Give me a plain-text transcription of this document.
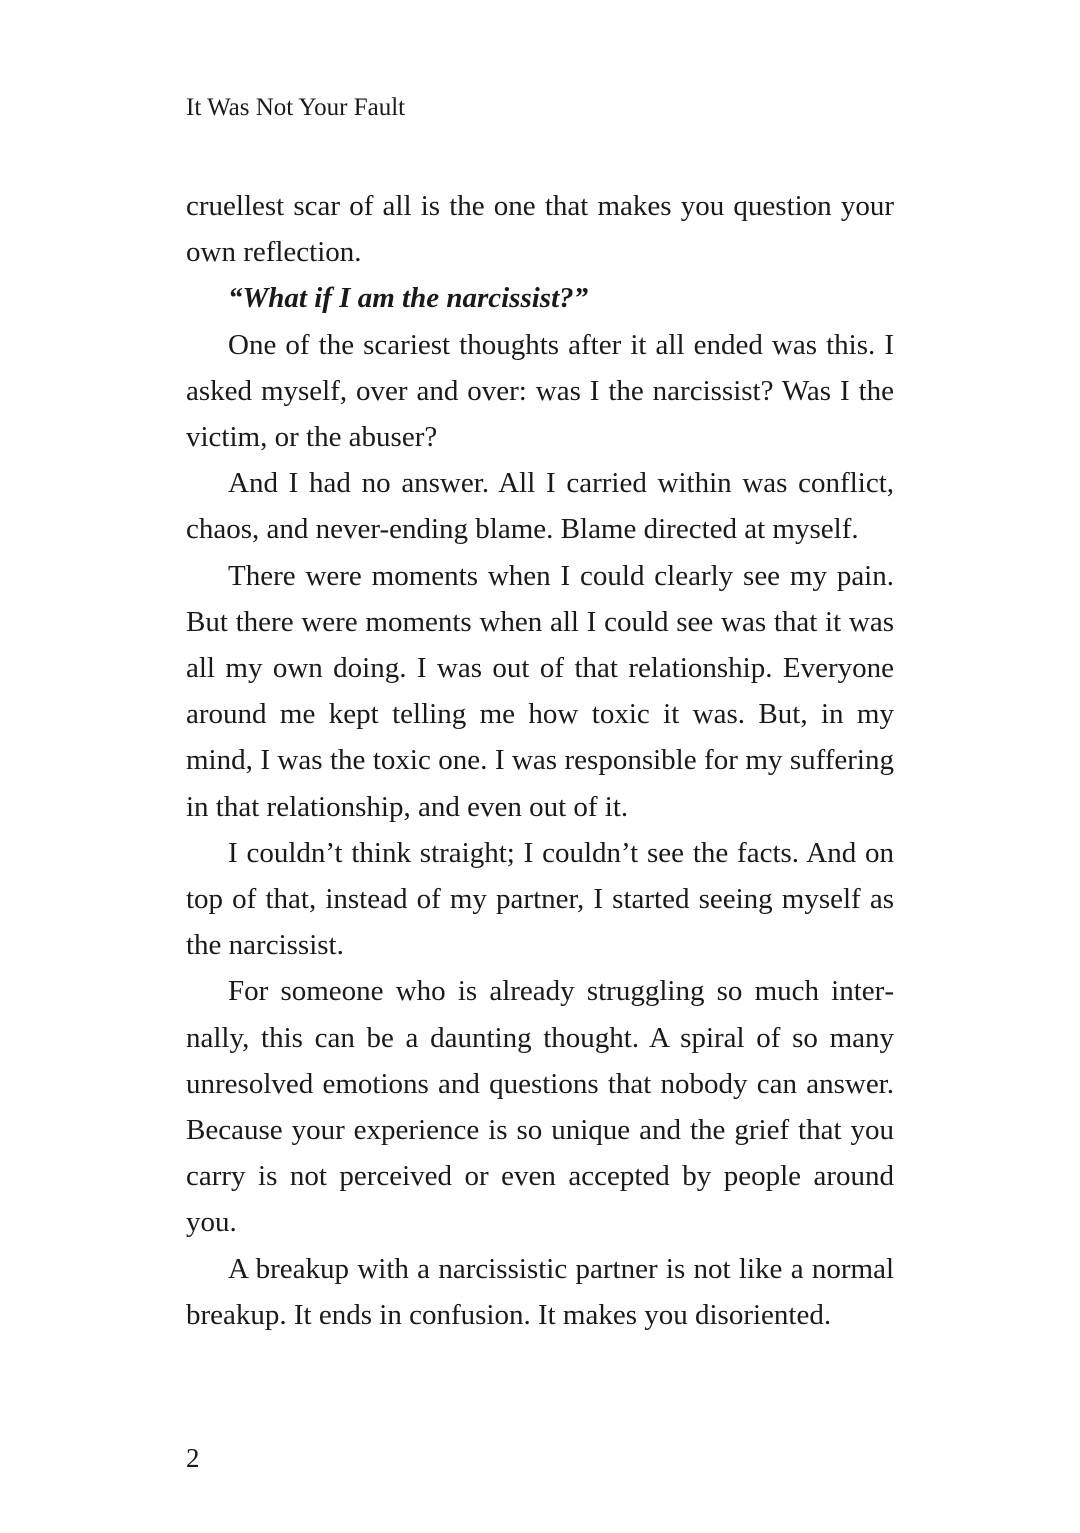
It Was Not Your Fault

cruellest scar of all is the one that makes you question your own reflection.

“What if I am the narcissist?”

One of the scariest thoughts after it all ended was this. I asked myself, over and over: was I the narcissist? Was I the victim, or the abuser?

And I had no answer. All I carried within was conflict, chaos, and never-ending blame. Blame directed at myself.

There were moments when I could clearly see my pain. But there were moments when all I could see was that it was all my own doing. I was out of that relationship. Everyone around me kept telling me how toxic it was. But, in my mind, I was the toxic one. I was responsible for my suffering in that relationship, and even out of it.

I couldn’t think straight; I couldn’t see the facts. And on top of that, instead of my partner, I started seeing myself as the narcissist.

For someone who is already struggling so much internally, this can be a daunting thought. A spiral of so many unresolved emotions and questions that nobody can answer. Because your experience is so unique and the grief that you carry is not perceived or even accepted by people around you.

A breakup with a narcissistic partner is not like a normal breakup. It ends in confusion. It makes you disoriented.

2
